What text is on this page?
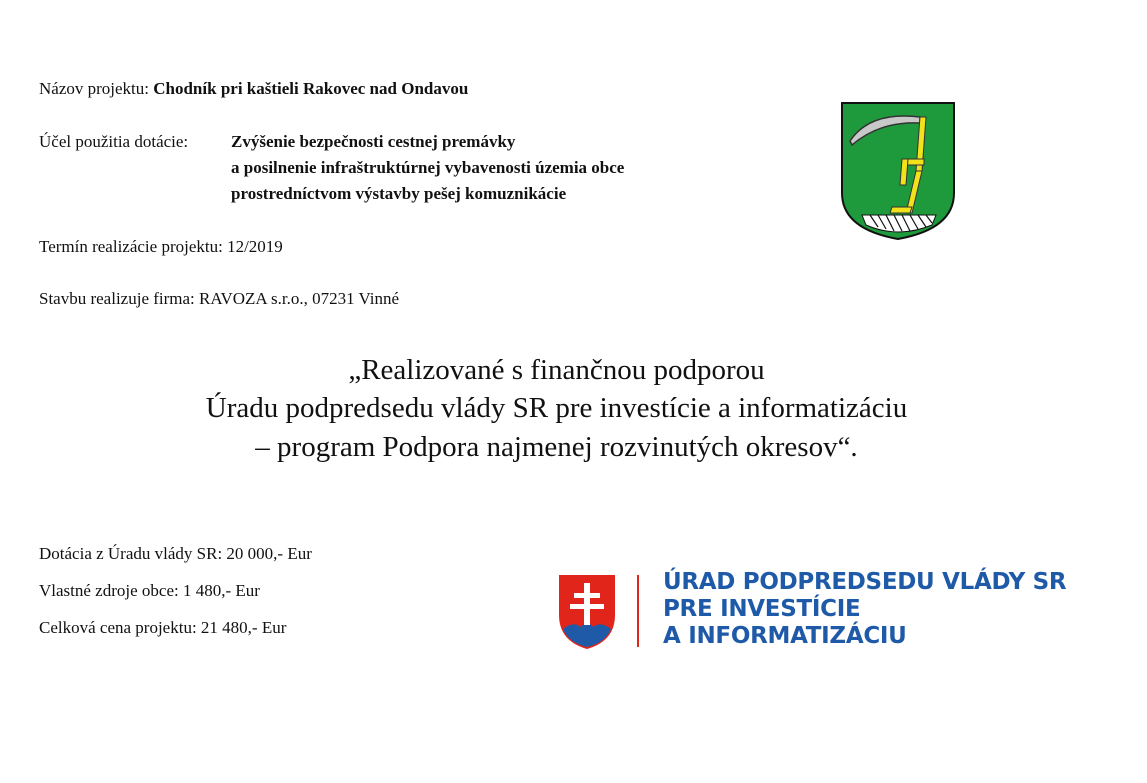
Názov projektu: Chodník pri kaštieli Rakovec nad Ondavou
Účel použitia dotácie:	Zvýšenie bezpečnosti cestnej premávky
a posilnenie infraštruktúrnej vybavenosti územia obce
prostredníctvom výstavby pešej komuznikácie
Termín realizácie projektu: 12/2019
Stavbu realizuje firma: RAVOZA s.r.o., 07231 Vinné
„Realizované s finančnou podporou
Úradu podpredsedu vlády SR pre investície a informatizáciu
– program Podpora najmenej rozvinutých okresov“.
Dotácia z Úradu vlády SR: 20 000,- Eur
Vlastné zdroje obce: 1 480,- Eur
Celková cena projektu: 21 480,- Eur
ÚRAD PODPREDSEDU VLÁDY SR
PRE INVESTÍCIE
A INFORMATIZÁCIU
